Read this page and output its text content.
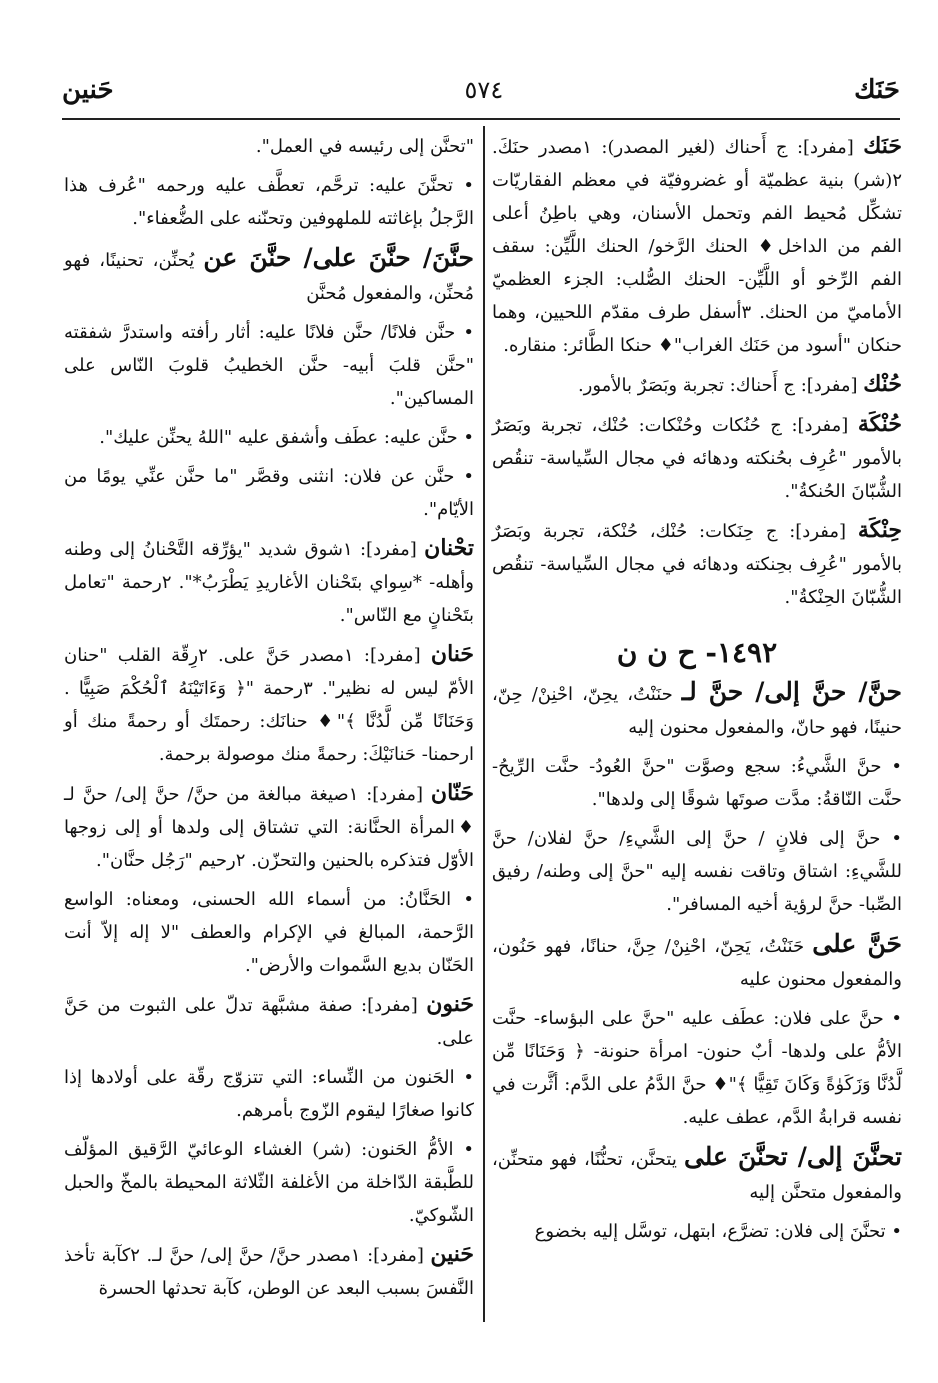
حَنَك
٥٧٤
حَنين

حَنَك [مفرد]: ج أَحناك (لغير المصدر): ١مصدر حنَكَ. ٢(شر) بنية عظميّة أو غضروفيّة في معظم الفقاريّات تشكِّل مُحيط الفم وتحمل الأسنان، وهي باطِنُ أعلى الفم من الداخل♦ الحنك الرَّخو/ الحنك اللَّيِّن: سقف الفم الرِّخو أو اللَّيِّن- الحنك الصُّلب: الجزء العظميّ الأماميّ من الحنك. ٣أسفل طرف مقدّم اللحيين، وهما حنكان "أسود من حَنَك الغراب"♦ حنكا الطَّائر: منقاره.

حُنْك [مفرد]: ج أَحناك: تجربة وبَصَرٌ بالأمور.

حُنْكَة [مفرد]: ج حُنُكات وحُنْكات: حُنْك، تجربة وبَصَرٌ بالأمور "عُرِف بحُنكته ودهائه في مجال السِّياسة- تنقُص الشُّبّانَ الحُنكةُ".

حِنْكَة [مفرد]: ج حِنَكات: حُنْك، حُنْكة، تجربة وبَصَرٌ بالأمور "عُرِف بحِنكته ودهائه في مجال السِّياسة- تنقُص الشُّبّانَ الحِنْكةُ".

١٤٩٢- ح ن ن

حنَّ/ حنَّ إلى/ حنَّ لـ حنَنْتُ، يحِنّ، احْنِنْ/ حِنّ، حنينًا، فهو حانّ، والمفعول محنون إليه

• حنَّ الشَّيءُ: سجع وصوَّت "حنَّ العُودُ- حنَّت الرِّيحُ- حنَّت النّاقةُ: مدَّت صوتَها شوقًا إلى ولدها".

• حنَّ إلى فلانٍ / حنَّ إلى الشَّيءِ/ حنَّ لفلان/ حنَّ للشَّيءِ: اشتاق وتاقت نفسه إليه "حنَّ إلى وطنه/ رفيق الصِّبا- حنَّ لرؤية أخيه المسافر".

حَنَّ على حَنَنْتُ، يَحِنّ، احْنِنْ/ حِنَّ، حنانًا، فهو حَنُون، والمفعول محنون عليه

• حنَّ على فلان: عطَف عليه "حنَّ على البؤساء- حنَّت الأمُّ على ولدها- أبٌ حنون- امرأة حنونة- ﴿ وَحَنَانًا مِّن لَّدُنَّا وَزَكَوٰةً وَكَانَ تَقِيًّا ﴾"♦ حنَّ الدَّمُ على الدَّم: أثَّرت في نفسه قرابةُ الدَّم، عطف عليه.

تحنَّنَ إلى/ تحنَّنَ على يتحنَّن، تحنُّنًا، فهو متحنِّن، والمفعول متحنَّن إليه

• تحنَّنَ إلى فلان: تضرَّع، ابتهل، توسَّل إليه بخضوع

"تحنَّن إلى رئيسه في العمل".

• تحنَّنَ عليه: ترحَّم، تعطَّف عليه ورحمه "عُرف هذا الرَّجلُ بإغاثته للملهوفين وتحنّنه على الضُّعفاء".

حنَّنَ/ حنَّنَ على/ حنَّنَ عن يُحنِّن، تحنينًا، فهو مُحنِّن، والمفعول مُحنَّن

• حنَّن فلانًا/ حنَّن فلانًا عليه: أثار رأفته واستدرَّ شفقته "حنَّن قلبَ أبيه- حنَّن الخطيبُ قلوبَ النّاس على المساكين".

• حنَّن عليه: عطَف وأشفق عليه "اللهُ يحنِّن عليك".

• حنَّن عن فلان: انثنى وقصَّر "ما حنَّن عنِّي يومًا من الأيّام".

تحْنان [مفرد]: ١شوق شديد "يؤرِّقه التَّحْنانُ إلى وطنه وأهله- *سِواي بتَحْنان الأغاريدِ يَطْرَبُ*". ٢رحمة "تعامل بتَحْنانٍ مع النّاس".

حَنان [مفرد]: ١مصدر حَنَّ على. ٢رِقّة القلب "حنان الأمّ ليس له نظير". ٣رحمة "﴿ وَءَاتَيْنَهُ ٱلْحُكْمَ صَبِيًّا . وَحَنَانًا مِّن لَّدُنَّا ﴾"♦ حنانَك: رحمتَك أو رحمةً منك أو ارحمنا- حَنانَيْكَ: رحمةً منك موصولة برحمة.

حَنّان [مفرد]: ١صيغة مبالغة من حنَّ/ حنَّ إلى/ حنَّ لـ ♦المرأة الحنَّانة: التي تشتاق إلى ولدها أو إلى زوجها الأوّل فتذكره بالحنين والتحزّن. ٢رحيم "رَجُل حنَّان".

• الحَنَّانُ: من أسماء الله الحسنى، ومعناه: الواسع الرَّحمة، المبالغ في الإكرام والعطف "لا إله إلاّ أنت الحَنّان بديع السَّموات والأرض".

حَنون [مفرد]: صفة مشبَّهة تدلّ على الثبوت من حَنَّ على.

• الحَنون من النِّساء: التي تتزوّج رقّة على أولادها إذا كانوا صغارًا ليقوم الزّوج بأمرهم.

• الأمُّ الحَنون: (شر) الغشاء الوعائيّ الرَّقيق المؤلّف للطَّبقة الدّاخلة من الأغلفة الثّلاثة المحيطة بالمخّ والحبل الشّوكيّ.

حَنين [مفرد]: ١مصدر حنَّ/ حنَّ إلى/ حنَّ لـ. ٢كآبة تأخذ النَّفسَ بسبب البعد عن الوطن، كآبة تحدثها الحسرة
